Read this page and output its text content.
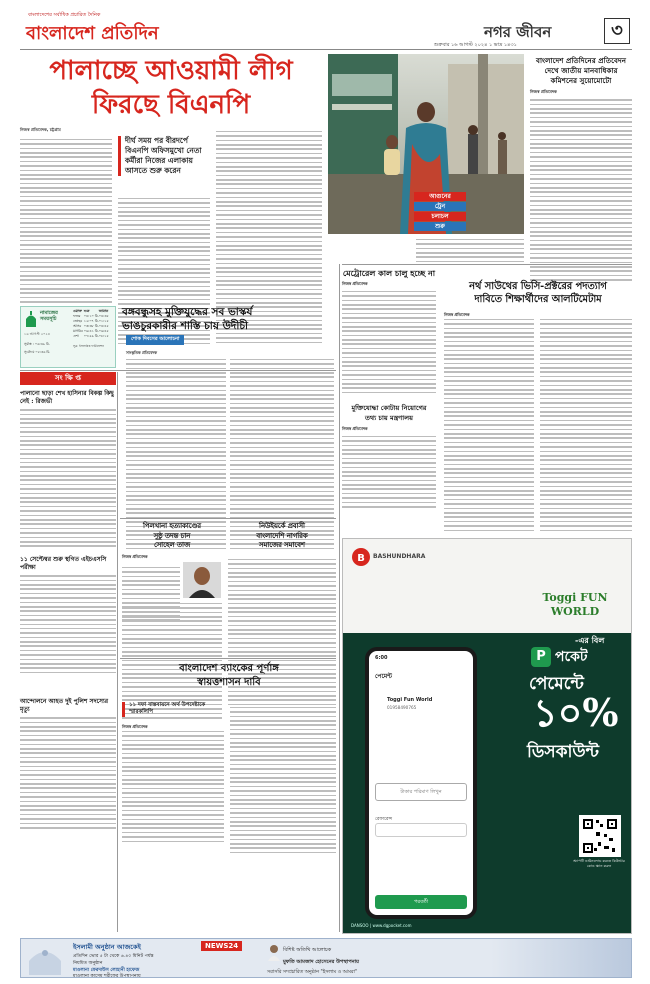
বাংলাদেশের সর্বাধিক প্রচারিত দৈনিক
বাংলাদেশ প্রতিদিন	নগর জীবন	৩
শুক্রবার ১৬ আগস্ট ২০২৪ ১ ভাদ্র ১৪৩১
পালাচ্ছে আওয়ামী লীগ
ফিরছে বিএনপি
নিজস্ব প্রতিবেদক, চট্টগ্রাম
দীর্ঘ সময় পর বীরদর্পে বিএনপি অফিসমুখো নেতা কর্মীরা নিজের এলাকায় আসতে শুরু করেন
আগুনের
ট্রেন
চলাচল
শুরু
বাংলাদেশ প্রতিদিনের প্রতিবেদন দেখে জাতীয় মানবাধিকার কমিশনের সুয়োমোটো
নিজস্ব প্রতিবেদক
নামাজের সময়সূচি
১৬ আগস্ট ২০২৪
ওয়াক্ত	শুরু	জামাত
ফজর	০৪:১০ মি.	০৪:৩৫
জোহর	১২:০৭ মি.	০১:১৫
আসর	০৩:৩৮ মি.	০৪:৪৫
মাগরিব	০৬:৪১ মি.	০৬:৪৫
এশা	০৭:৫৯ মি.	০৮:১৫
সূর্যাস্ত : ০৬:৩৯ মি.
সূর্যোদয় ০৫:৩৬ মি.
সূত্র: ইসলামিক ফাউন্ডেশন
বঙ্গবন্ধুসহ মুক্তিযুদ্ধের সব ভাস্কর্য
ভাঙচুরকারীর শাস্তি চায় উদীচী
শোক দিবসের আলোচনা
সাংস্কৃতিক প্রতিবেদক
মেট্রোরেল কাল চালু হচ্ছে না
নিজস্ব প্রতিবেদক	নর্থ সাউথের ভিসি-প্রক্টরের পদত্যাগ
দাবিতে শিক্ষার্থীদের আলটিমেটাম
নিজস্ব প্রতিবেদক
মুক্তিযোদ্ধা কোটায় নিয়োগের
তথ্য চায় মন্ত্রণালয়
নিজস্ব প্রতিবেদক
সং ক্ষি প্ত
পালানো ছাড়া শেখ হাসিনার বিকল্প কিছু নেই : রিজভী
১১ সেপ্টেম্বর শুরু স্থগিত এইচএসসি পরীক্ষা
আন্দোলনে আহত দুই পুলিশ সদস্যের মৃত্যু
পিলখানা হত্যাকাণ্ডের
সুষ্ঠু তদন্ত চান
সোহেল তাজ
নিজস্ব প্রতিবেদক
নিউইয়র্কে প্রবাসী
বাংলাদেশি নাগরিক
সমাজের সমাবেশ
বাংলাদেশ ব্যাংকের পূর্ণাঙ্গ
স্বায়ত্তশাসন দাবি
১১ দফা বাস্তবায়নে অর্থ উপদেষ্টাকে স্মারকলিপি
নিজস্ব প্রতিবেদক
B BASHUNDHARA
Toggi FUN WORLD
-এর বিল
P পকেট
পেমেন্টে
১০%
ডিসকাউন্ট
6:00
পেমেন্ট
Toggi Fun World
01958490765
টাকার পরিমাণ লিখুন
রেফারেন্স
পরবর্তী
অ্যাপটি ডাউনলোড করতে কিউআর কোড স্ক্যান করুন
DANSOO | www.dgpocket.com
ইসলামী অনুষ্ঠান আজকেই	NEWS24
প্রতিদিন ভোর ৫ টা থেকে ৬.৪০ মিনিট পর্যন্ত
নিয়মিত অনুষ্ঠান
মাওলানা ফেরদাউস লোহানী হাফেজ
মাওলানা কাসেম শরীফের উপস্থাপনায়
বিশিষ্ট অতিথি আলোচক
মুফতি আমজাদ হোসেনের উপস্থাপনায়
সরাসরি সম্প্রচারিত অনুষ্ঠান "ইসলাম ও আমরা"
